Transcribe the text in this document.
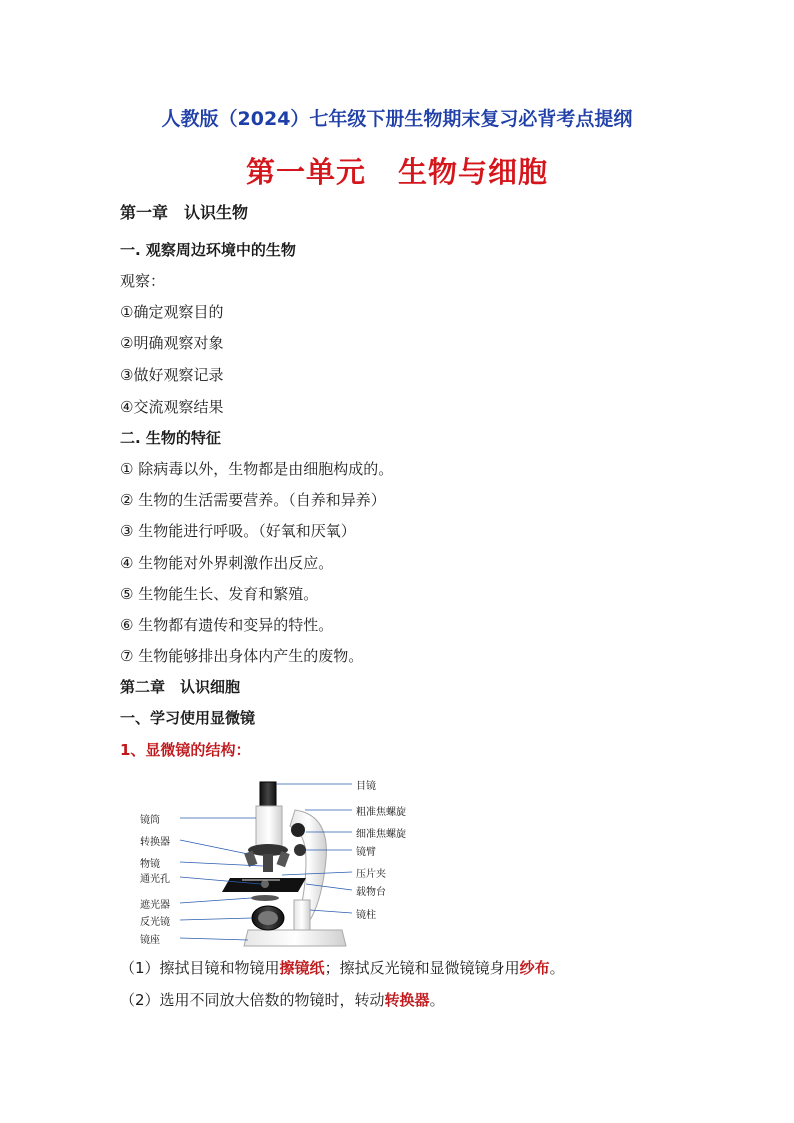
人教版（2024）七年级下册生物期末复习必背考点提纲
第一单元 生物与细胞
第一章　认识生物
一. 观察周边环境中的生物
观察：
①确定观察目的
②明确观察对象
③做好观察记录
④交流观察结果
二. 生物的特征
① 除病毒以外，生物都是由细胞构成的。
② 生物的生活需要营养。（自养和异养）
③ 生物能进行呼吸。（好氧和厌氧）
④ 生物能对外界刺激作出反应。
⑤ 生物能生长、发育和繁殖。
⑥ 生物都有遗传和变异的特性。
⑦ 生物能够排出身体内产生的废物。
第二章　认识细胞
一、学习使用显微镜
1、显微镜的结构：
镜筒
转换器
物镜
通光孔
遮光器
反光镜
镜座
目镜
粗准焦螺旋
细准焦螺旋
镜臂
压片夹
载物台
镜柱
（1）擦拭目镜和物镜用擦镜纸；擦拭反光镜和显微镜镜身用纱布。
（2）选用不同放大倍数的物镜时，转动转换器。
